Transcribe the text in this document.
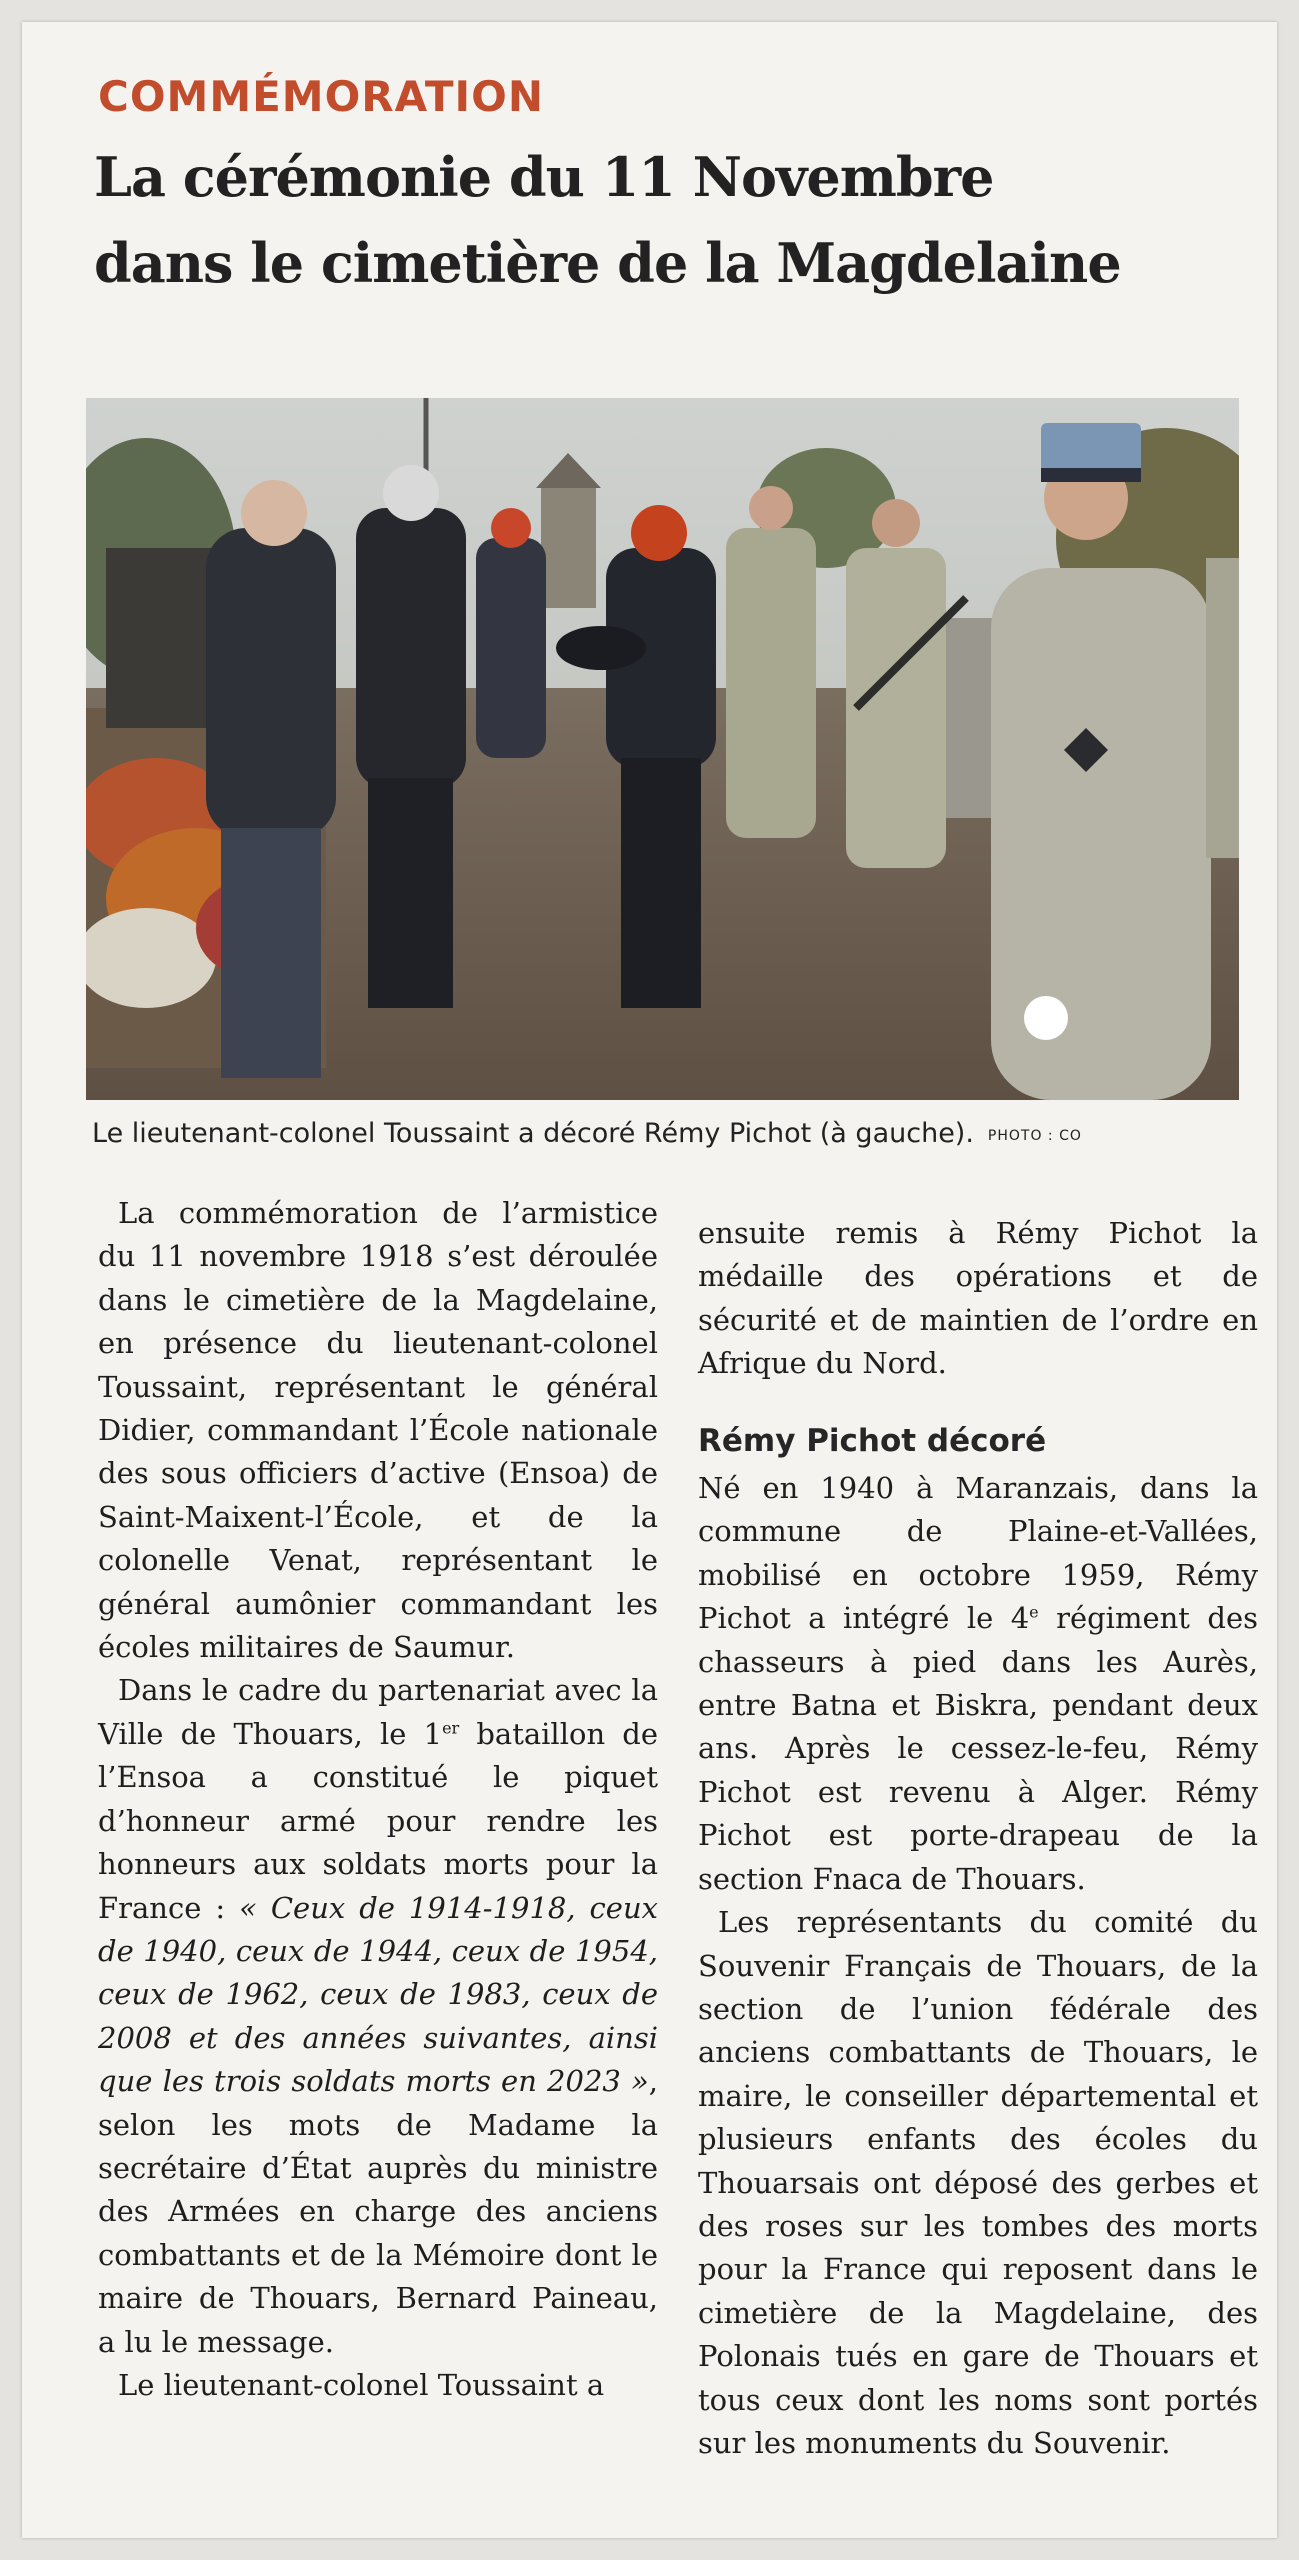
COMMÉMORATION
La cérémonie du 11 Novembre
dans le cimetière de la Magdelaine
Le lieutenant-colonel Toussaint a décoré Rémy Pichot (à gauche). PHOTO : CO

La commémoration de l’armistice du 11 novembre 1918 s’est déroulée dans le cimetière de la Magdelaine, en présence du lieutenant-colonel Toussaint, représentant le général Didier, commandant l’École nationale des sous officiers d’active (Ensoa) de Saint-Maixent-l’École, et de la colonelle Venat, représentant le général aumônier commandant les écoles militaires de Saumur.

Dans le cadre du partenariat avec la Ville de Thouars, le 1er bataillon de l’Ensoa a constitué le piquet d’honneur armé pour rendre les honneurs aux soldats morts pour la France : « Ceux de 1914-1918, ceux de 1940, ceux de 1944, ceux de 1954, ceux de 1962, ceux de 1983, ceux de 2008 et des années suivantes, ainsi que les trois soldats morts en 2023 », selon les mots de Madame la secrétaire d’État auprès du ministre des Armées en charge des anciens combattants et de la Mémoire dont le maire de Thouars, Bernard Paineau, a lu le message.

Le lieutenant-colonel Toussaint a

ensuite remis à Rémy Pichot la médaille des opérations et de sécurité et de maintien de l’ordre en Afrique du Nord.

Rémy Pichot décoré

Né en 1940 à Maranzais, dans la commune de Plaine-et-Vallées, mobilisé en octobre 1959, Rémy Pichot a intégré le 4e régiment des chasseurs à pied dans les Aurès, entre Batna et Biskra, pendant deux ans. Après le cessez-le-feu, Rémy Pichot est revenu à Alger. Rémy Pichot est porte-drapeau de la section Fnaca de Thouars.

Les représentants du comité du Souvenir Français de Thouars, de la section de l’union fédérale des anciens combattants de Thouars, le maire, le conseiller départemental et plusieurs enfants des écoles du Thouarsais ont déposé des gerbes et des roses sur les tombes des morts pour la France qui reposent dans le cimetière de la Magdelaine, des Polonais tués en gare de Thouars et tous ceux dont les noms sont portés sur les monuments du Souvenir.
